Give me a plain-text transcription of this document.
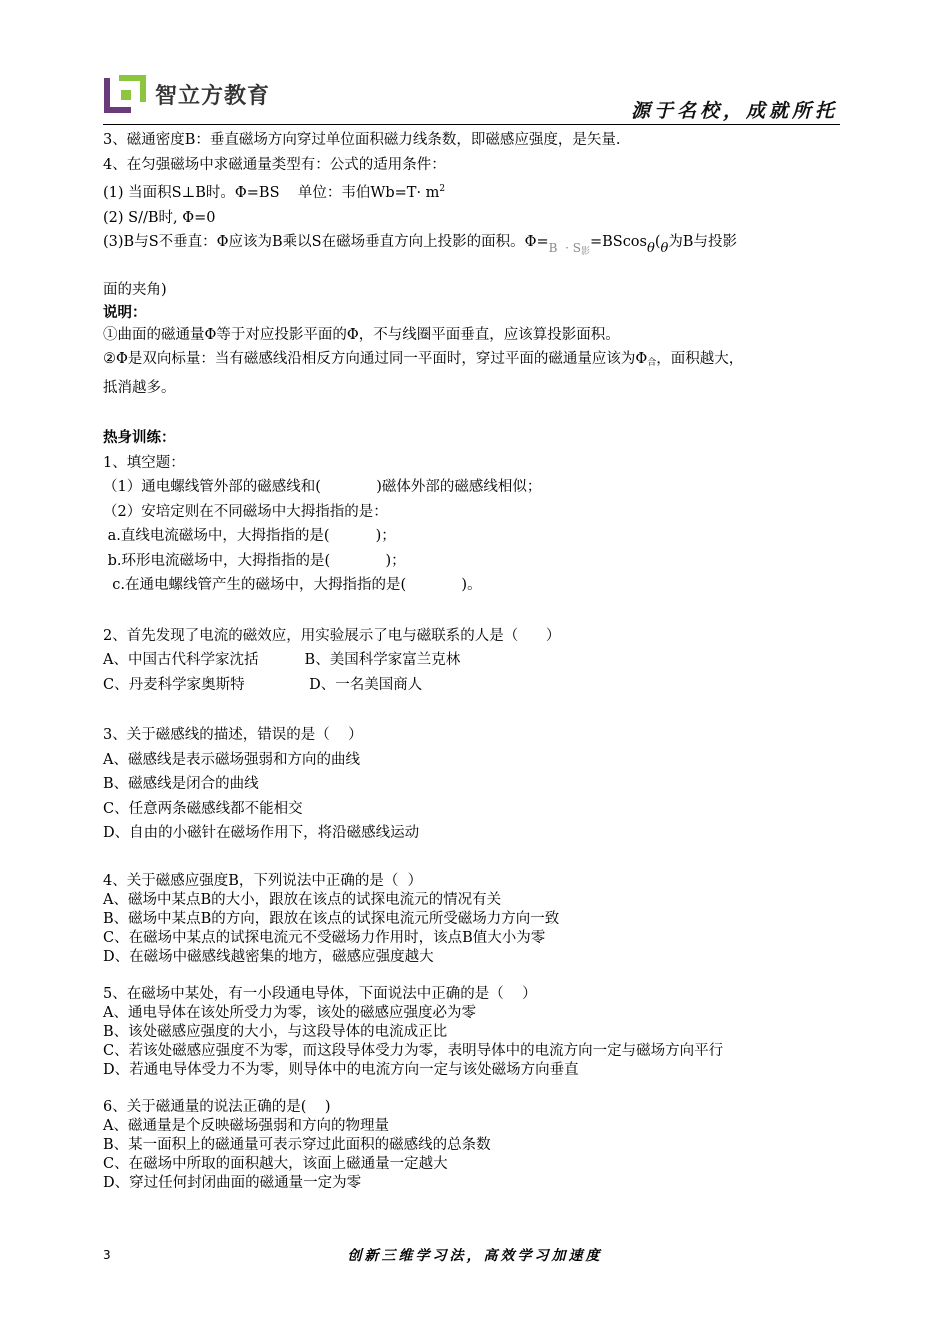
智立方教育
源于名校，成就所托
3、磁通密度B：垂直磁场方向穿过单位面积磁力线条数，即磁感应强度，是矢量.
4、在匀强磁场中求磁通量类型有：公式的适用条件：
(1) 当面积S⊥B时。Φ=BS    单位：韦伯$Wb=T\cdot m^2$
(2) S//B时, Φ=0
(3)B与S不垂直：Φ应该为B乘以S在磁场垂直方向上投影的面积。$\Phi=_{B \cdot S影}=BScos\theta(\theta$为B与投影
面的夹角)
说明：
①曲面的磁通量Φ等于对应投影平面的Φ，不与线圈平面垂直，应该算投影面积。
②Φ是双向标量：当有磁感线沿相反方向通过同一平面时，穿过平面的磁通量应该为$\Phi_合$，面积越大，
抵消越多。
热身训练：
1、填空题：
（1）通电螺线管外部的磁感线和(            )磁体外部的磁感线相似；
（2）安培定则在不同磁场中大拇指指的是：
a.直线电流磁场中，大拇指指的是(          )；
b.环形电流磁场中，大拇指指的是(            )；
c.在通电螺线管产生的磁场中，大拇指指的是(            )。
2、首先发现了电流的磁效应，用实验展示了电与磁联系的人是（      ）
A、中国古代科学家沈括          B、美国科学家富兰克林
C、丹麦科学家奥斯特              D、一名美国商人
3、关于磁感线的描述，错误的是（    ）
A、磁感线是表示磁场强弱和方向的曲线
B、磁感线是闭合的曲线
C、任意两条磁感线都不能相交
D、自由的小磁针在磁场作用下，将沿磁感线运动
4、关于磁感应强度B，下列说法中正确的是（  ）
A、磁场中某点B的大小，跟放在该点的试探电流元的情况有关
B、磁场中某点B的方向，跟放在该点的试探电流元所受磁场力方向一致
C、在磁场中某点的试探电流元不受磁场力作用时，该点B值大小为零
D、在磁场中磁感线越密集的地方，磁感应强度越大
5、在磁场中某处，有一小段通电导体，下面说法中正确的是（    ）
A、通电导体在该处所受力为零，该处的磁感应强度必为零
B、该处磁感应强度的大小，与这段导体的电流成正比
C、若该处磁感应强度不为零，而这段导体受力为零，表明导体中的电流方向一定与磁场方向平行
D、若通电导体受力不为零，则导体中的电流方向一定与该处磁场方向垂直
6、关于磁通量的说法正确的是(    )
A、磁通量是个反映磁场强弱和方向的物理量
B、某一面积上的磁通量可表示穿过此面积的磁感线的总条数
C、在磁场中所取的面积越大，该面上磁通量一定越大
D、穿过任何封闭曲面的磁通量一定为零
3	创新三维学习法，高效学习加速度
